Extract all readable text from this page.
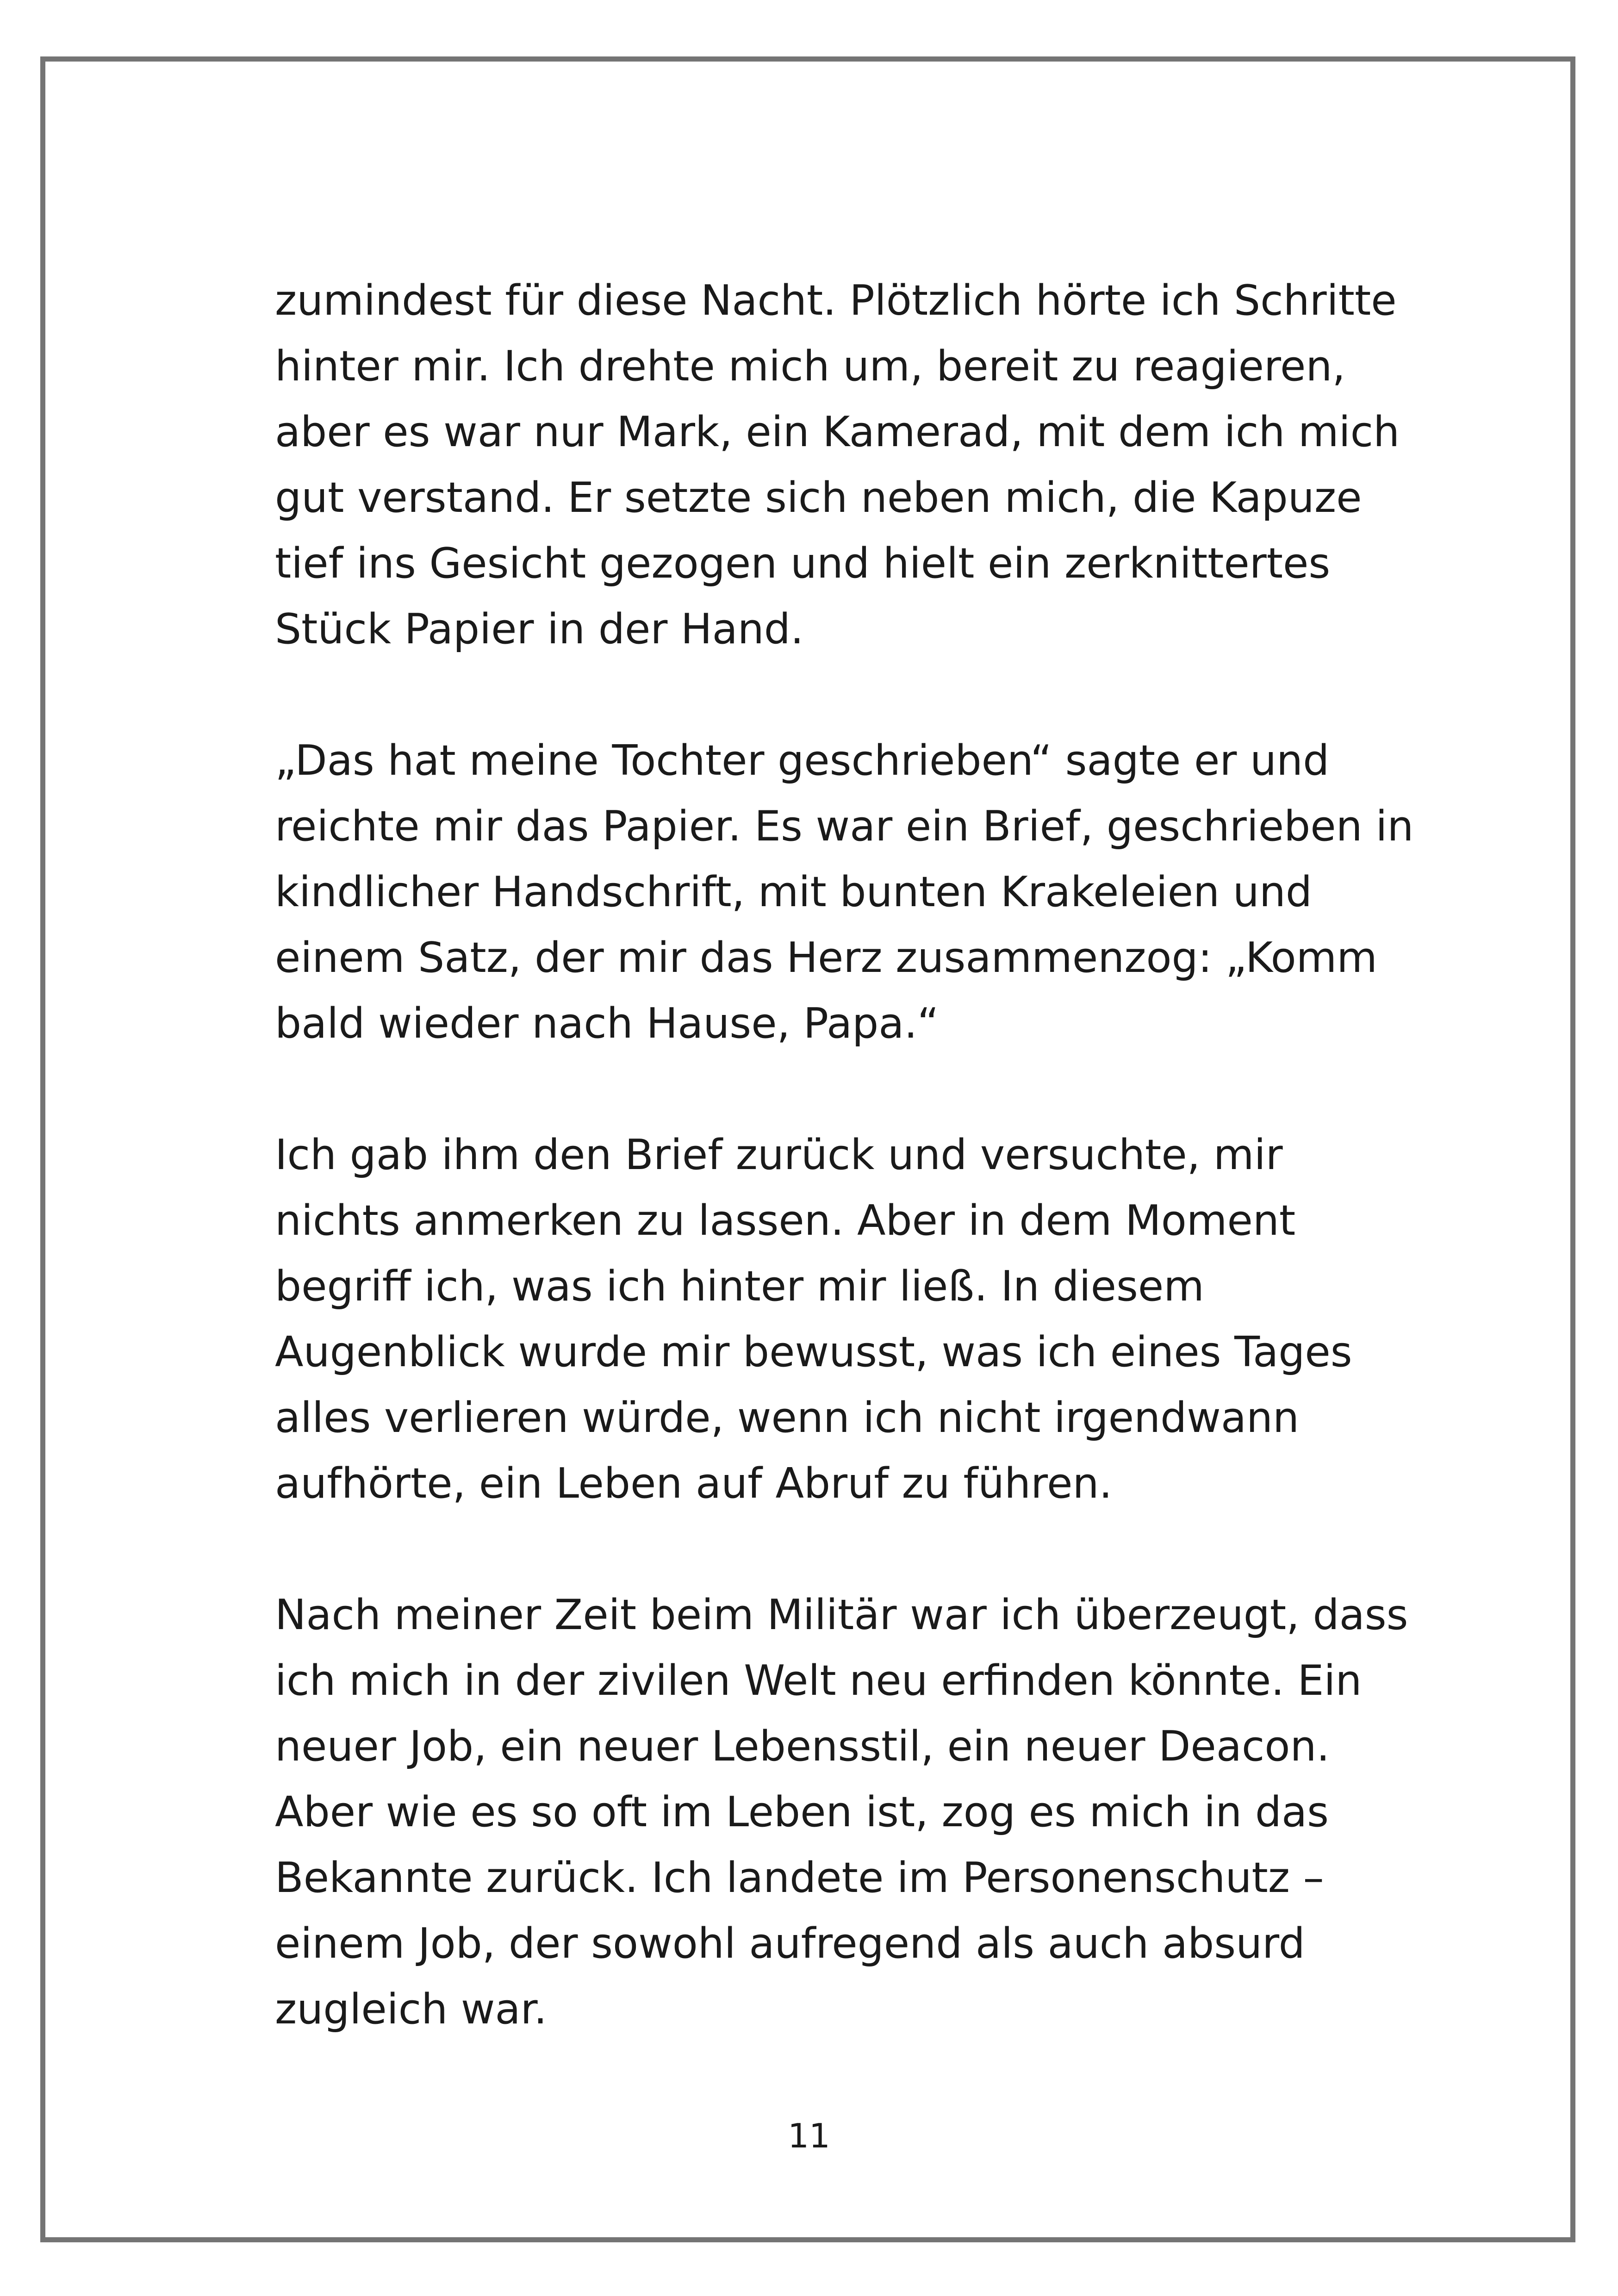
zumindest für diese Nacht. Plötzlich hörte ich Schritte
hinter mir. Ich drehte mich um, bereit zu reagieren,
aber es war nur Mark, ein Kamerad, mit dem ich mich
gut verstand. Er setzte sich neben mich, die Kapuze
tief ins Gesicht gezogen und hielt ein zerknittertes
Stück Papier in der Hand.
„Das hat meine Tochter geschrieben“ sagte er und
reichte mir das Papier. Es war ein Brief, geschrieben in
kindlicher Handschrift, mit bunten Krakeleien und
einem Satz, der mir das Herz zusammenzog: „Komm
bald wieder nach Hause, Papa.“
Ich gab ihm den Brief zurück und versuchte, mir
nichts anmerken zu lassen. Aber in dem Moment
begriff ich, was ich hinter mir ließ. In diesem
Augenblick wurde mir bewusst, was ich eines Tages
alles verlieren würde, wenn ich nicht irgendwann
aufhörte, ein Leben auf Abruf zu führen.
Nach meiner Zeit beim Militär war ich überzeugt, dass
ich mich in der zivilen Welt neu erfinden könnte. Ein
neuer Job, ein neuer Lebensstil, ein neuer Deacon.
Aber wie es so oft im Leben ist, zog es mich in das
Bekannte zurück. Ich landete im Personenschutz –
einem Job, der sowohl aufregend als auch absurd
zugleich war.
11
